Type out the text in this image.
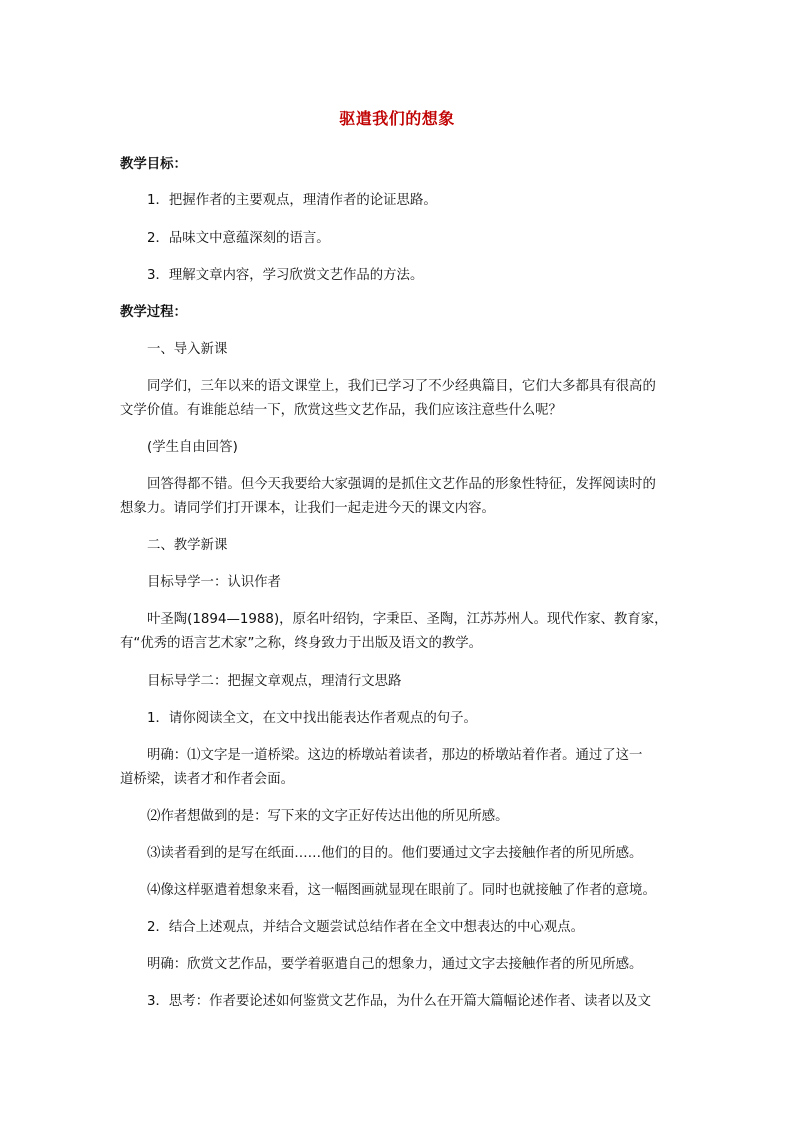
驱遣我们的想象
教学目标：
1．把握作者的主要观点，理清作者的论证思路。
2．品味文中意蕴深刻的语言。
3．理解文章内容，学习欣赏文艺作品的方法。
教学过程：
一、导入新课
同学们，三年以来的语文课堂上，我们已学习了不少经典篇目，它们大多都具有很高的
文学价值。有谁能总结一下，欣赏这些文艺作品，我们应该注意些什么呢？
(学生自由回答)
回答得都不错。但今天我要给大家强调的是抓住文艺作品的形象性特征，发挥阅读时的
想象力。请同学们打开课本，让我们一起走进今天的课文内容。
二、教学新课
目标导学一：认识作者
叶圣陶(1894—1988)，原名叶绍钧，字秉臣、圣陶，江苏苏州人。现代作家、教育家，
有“优秀的语言艺术家”之称，终身致力于出版及语文的教学。
目标导学二：把握文章观点，理清行文思路
1．请你阅读全文，在文中找出能表达作者观点的句子。
明确：⑴文字是一道桥梁。这边的桥墩站着读者，那边的桥墩站着作者。通过了这一
道桥梁，读者才和作者会面。
⑵作者想做到的是：写下来的文字正好传达出他的所见所感。
⑶读者看到的是写在纸面……他们的目的。他们要通过文字去接触作者的所见所感。
⑷像这样驱遣着想象来看，这一幅图画就显现在眼前了。同时也就接触了作者的意境。
2．结合上述观点，并结合文题尝试总结作者在全文中想表达的中心观点。
明确：欣赏文艺作品，要学着驱遣自己的想象力，通过文字去接触作者的所见所感。
3．思考：作者要论述如何鉴赏文艺作品，为什么在开篇大篇幅论述作者、读者以及文
